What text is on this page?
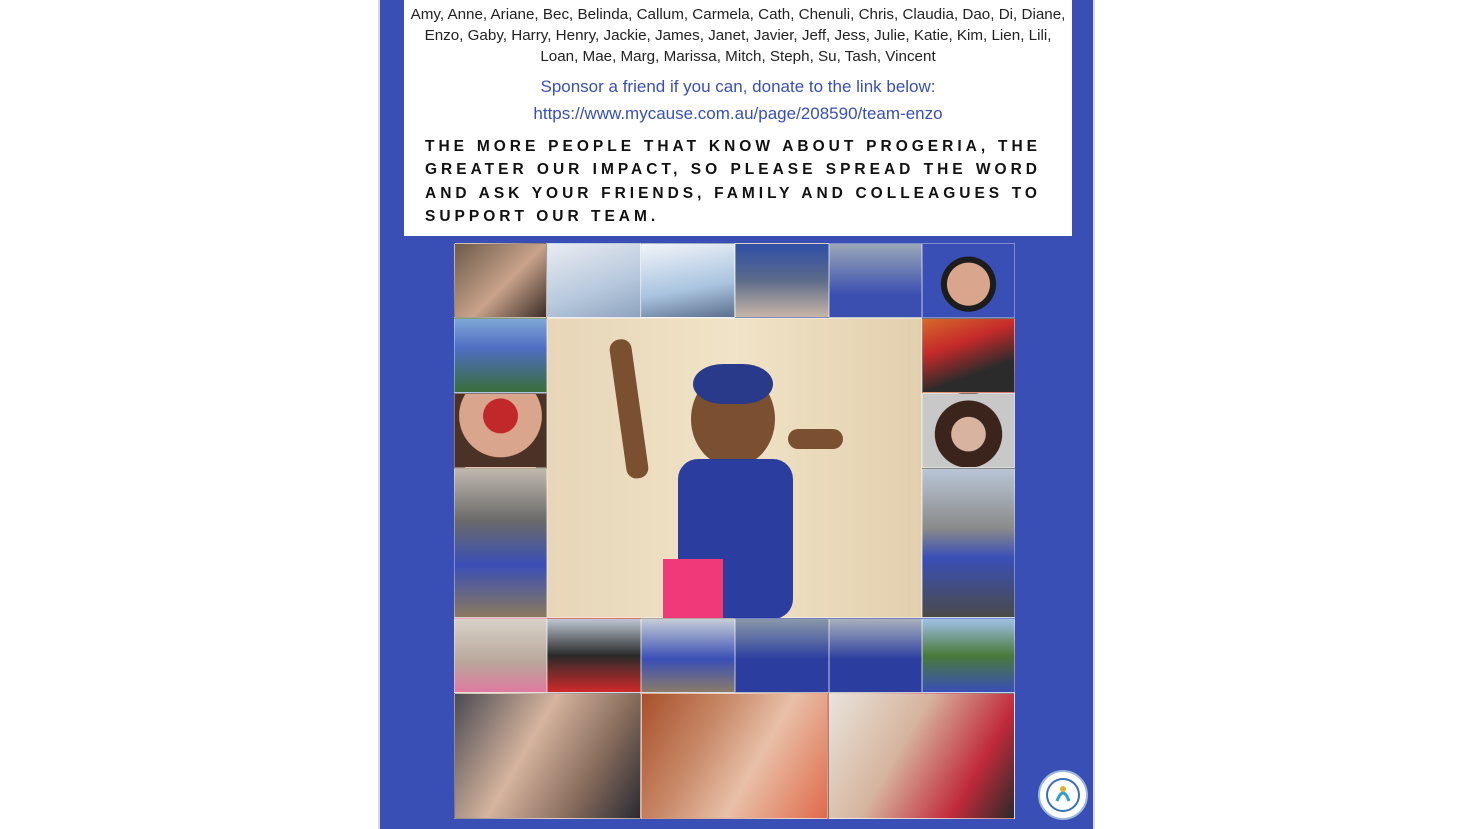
Amy, Anne, Ariane, Bec, Belinda, Callum, Carmela, Cath, Chenuli, Chris, Claudia, Dao, Di, Diane, Enzo, Gaby, Harry, Henry, Jackie, James, Janet, Javier, Jeff, Jess, Julie, Katie, Kim, Lien, Lili, Loan, Mae, Marg, Marissa, Mitch, Steph, Su, Tash, Vincent
Sponsor a friend if you can, donate to the link below:
https://www.mycause.com.au/page/208590/team-enzo
THE MORE PEOPLE THAT KNOW ABOUT PROGERIA, THE GREATER OUR IMPACT, SO PLEASE SPREAD THE WORD AND ASK YOUR FRIENDS, FAMILY AND COLLEAGUES TO SUPPORT OUR TEAM.
